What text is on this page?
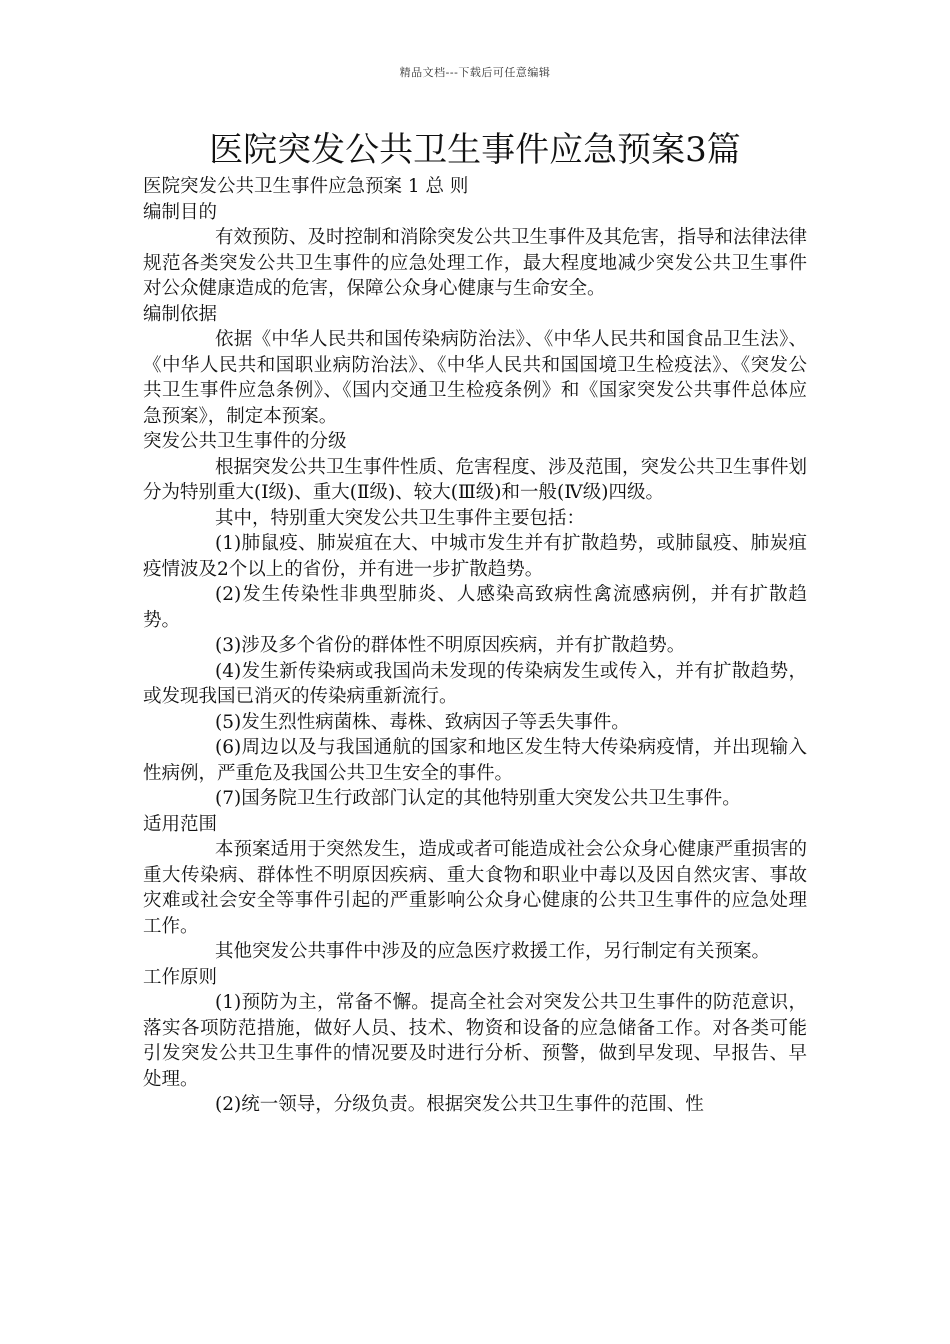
精品文档---下载后可任意编辑
医院突发公共卫生事件应急预案3篇

医院突发公共卫生事件应急预案 1 总 则

编制目的

有效预防、及时控制和消除突发公共卫生事件及其危害，指导和法律法律规范各类突发公共卫生事件的应急处理工作，最大程度地减少突发公共卫生事件对公众健康造成的危害，保障公众身心健康与生命安全。

编制依据

依据《中华人民共和国传染病防治法》、《中华人民共和国食品卫生法》、《中华人民共和国职业病防治法》、《中华人民共和国国境卫生检疫法》、《突发公共卫生事件应急条例》、《国内交通卫生检疫条例》和《国家突发公共事件总体应急预案》，制定本预案。

突发公共卫生事件的分级

根据突发公共卫生事件性质、危害程度、涉及范围，突发公共卫生事件划分为特别重大(Ⅰ级)、重大(Ⅱ级)、较大(Ⅲ级)和一般(Ⅳ级)四级。

其中，特别重大突发公共卫生事件主要包括：

(1)肺鼠疫、肺炭疽在大、中城市发生并有扩散趋势，或肺鼠疫、肺炭疽疫情波及2个以上的省份，并有进一步扩散趋势。

(2)发生传染性非典型肺炎、人感染高致病性禽流感病例，并有扩散趋势。

(3)涉及多个省份的群体性不明原因疾病，并有扩散趋势。

(4)发生新传染病或我国尚未发现的传染病发生或传入，并有扩散趋势，或发现我国已消灭的传染病重新流行。

(5)发生烈性病菌株、毒株、致病因子等丢失事件。

(6)周边以及与我国通航的国家和地区发生特大传染病疫情，并出现输入性病例，严重危及我国公共卫生安全的事件。

(7)国务院卫生行政部门认定的其他特别重大突发公共卫生事件。

适用范围

本预案适用于突然发生，造成或者可能造成社会公众身心健康严重损害的重大传染病、群体性不明原因疾病、重大食物和职业中毒以及因自然灾害、事故灾难或社会安全等事件引起的严重影响公众身心健康的公共卫生事件的应急处理工作。

其他突发公共事件中涉及的应急医疗救援工作，另行制定有关预案。

工作原则

(1)预防为主，常备不懈。提高全社会对突发公共卫生事件的防范意识，落实各项防范措施，做好人员、技术、物资和设备的应急储备工作。对各类可能引发突发公共卫生事件的情况要及时进行分析、预警，做到早发现、早报告、早处理。

(2)统一领导，分级负责。根据突发公共卫生事件的范围、性
